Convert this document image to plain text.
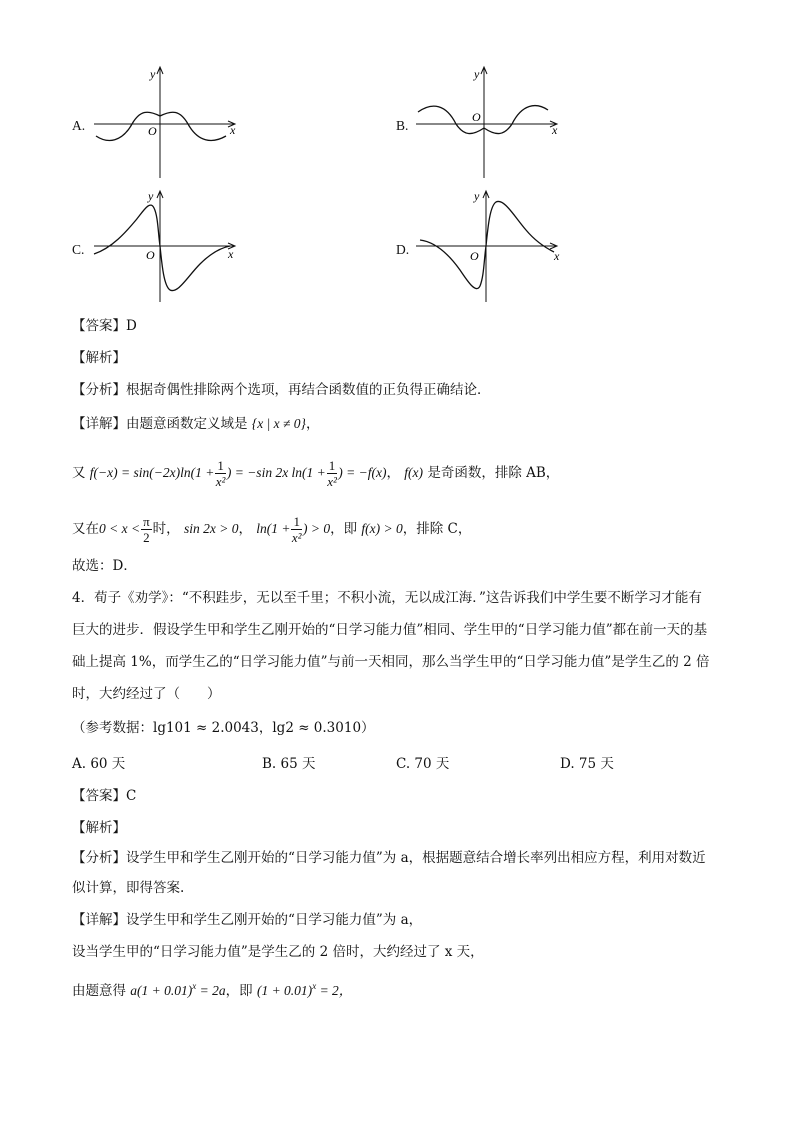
A.	x
y
O	B.	x
y
O
C.	x
y
O	D.	x
y
O
【答案】D
【解析】
【分析】根据奇偶性排除两个选项，再结合函数值的正负得正确结论．
【详解】由题意函数定义域是 {x | x ≠ 0}，
又 $f(-x) = \sin(-2x)\ln(1 + \frac{1}{\text{x²}}$ ) = −sin 2x $\ln(1 + \frac{1}{\text{x²}}$ ) = −f(x)， f(x) 是奇函数，排除 AB，
又在$0 < x < \frac{\pi}{2}$ 时， sin 2x > 0， $\ln(1 + \frac{1}{\text{x²}}$ ) > 0，即 f(x) > 0，排除 C，
故选：D．
4．荀子《劝学》：“不积跬步，无以至千里；不积小流，无以成江海．”这告诉我们中学生要不断学习才能有
巨大的进步．假设学生甲和学生乙刚开始的“日学习能力值”相同、学生甲的“日学习能力值”都在前一天的基
础上提高 1%，而学生乙的“日学习能力值”与前一天相同，那么当学生甲的“日学习能力值”是学生乙的 2 倍
时，大约经过了（　　）
（参考数据：lg101 ≈ 2.0043，lg2 ≈ 0.3010）
A. 60 天	B. 65 天	C. 70 天	D. 75 天
【答案】C
【解析】
【分析】设学生甲和学生乙刚开始的“日学习能力值”为 a，根据题意结合增长率列出相应方程，利用对数近
似计算，即得答案.
【详解】设学生甲和学生乙刚开始的“日学习能力值”为 a，
设当学生甲的“日学习能力值”是学生乙的 2 倍时，大约经过了 x 天，
由题意得 $a(1 + 0.01)^x = 2a$，即 $(1 + 0.01)^x = 2$，
